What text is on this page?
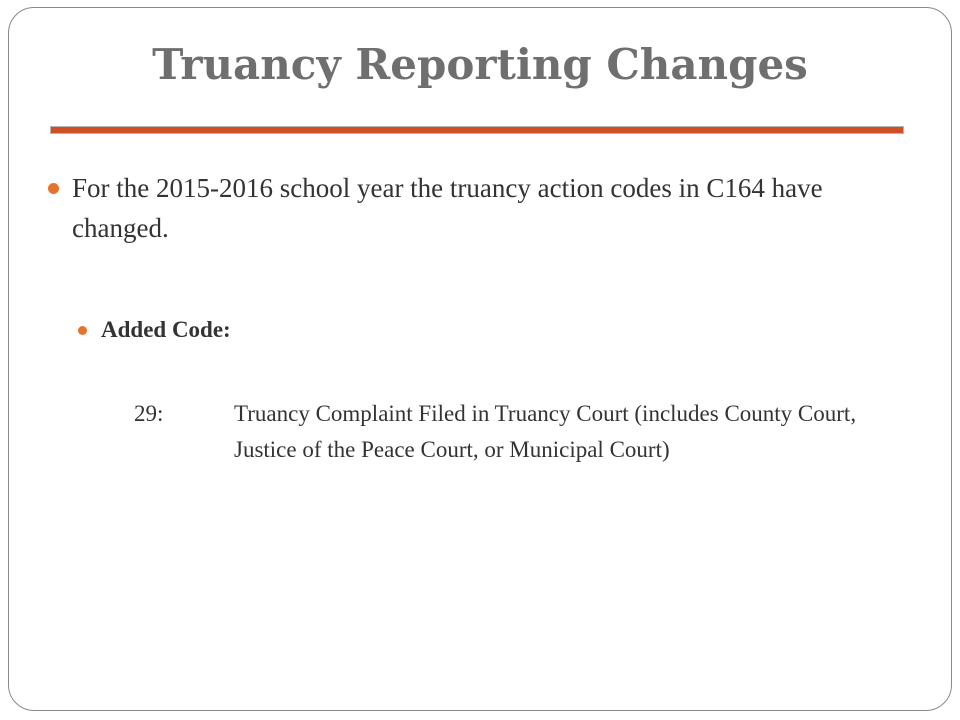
Truancy Reporting Changes

For the 2015-2016 school year the truancy action codes in C164 have changed.

Added Code:

29:	Truancy Complaint Filed in Truancy Court (includes County Court, Justice of the Peace Court, or Municipal Court)
